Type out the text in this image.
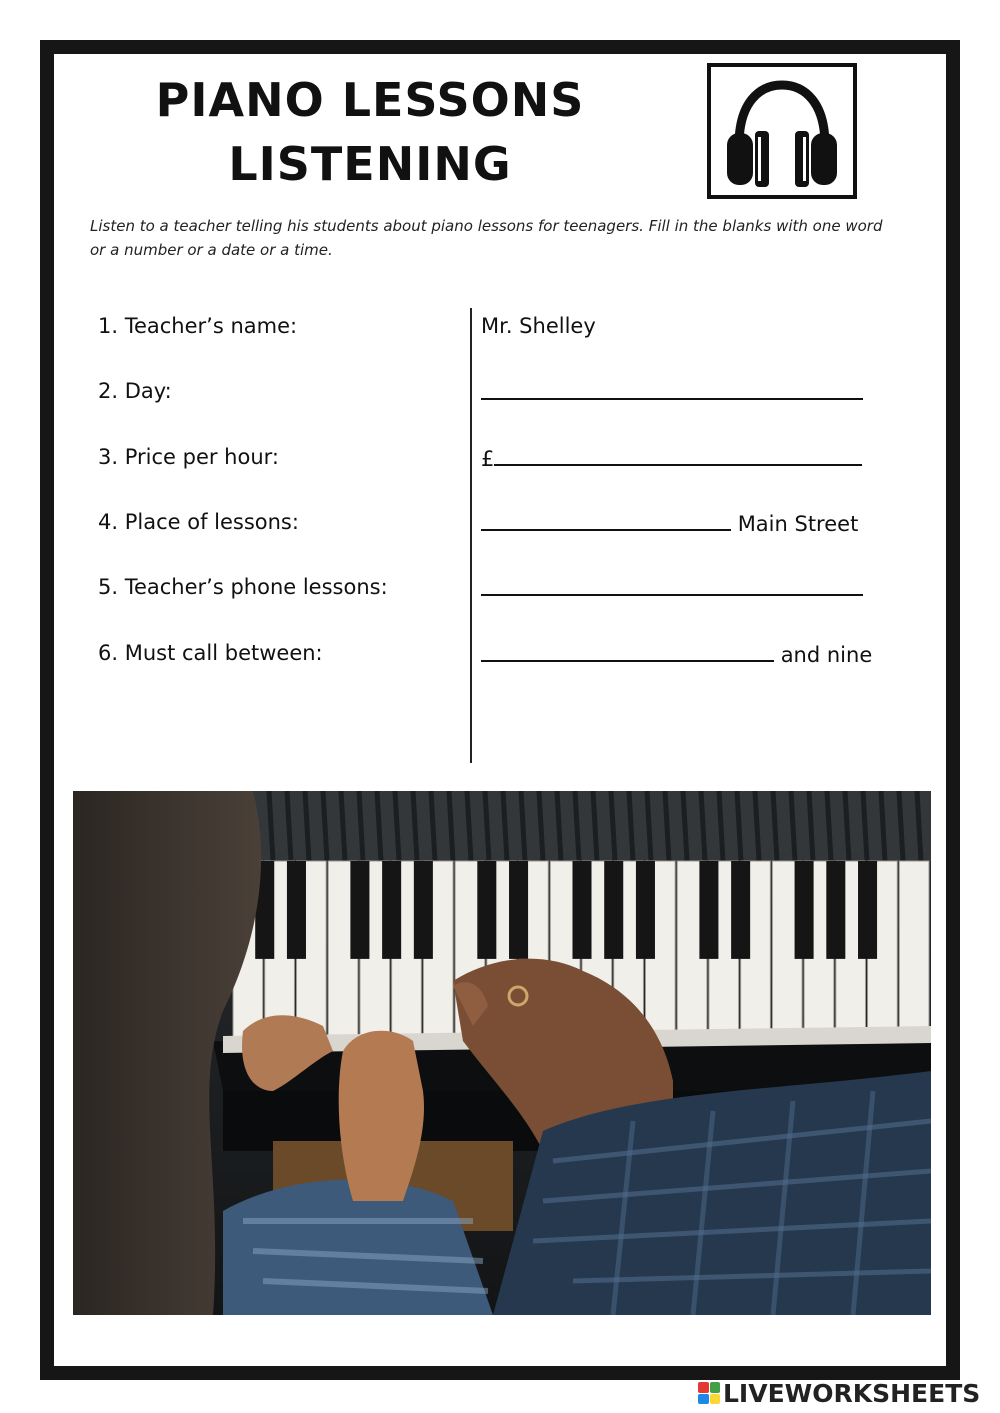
PIANO LESSONS
LISTENING
Listen to a teacher telling his students about piano lessons for teenagers. Fill in the blanks with one word or a number or a date or a time.
1. Teacher’s name:	Mr. Shelley
2. Day:
3. Price per hour:	£
4. Place of lessons:	Main Street
5. Teacher’s phone lessons:
6. Must call between:	and nine
LIVEWORKSHEETS
